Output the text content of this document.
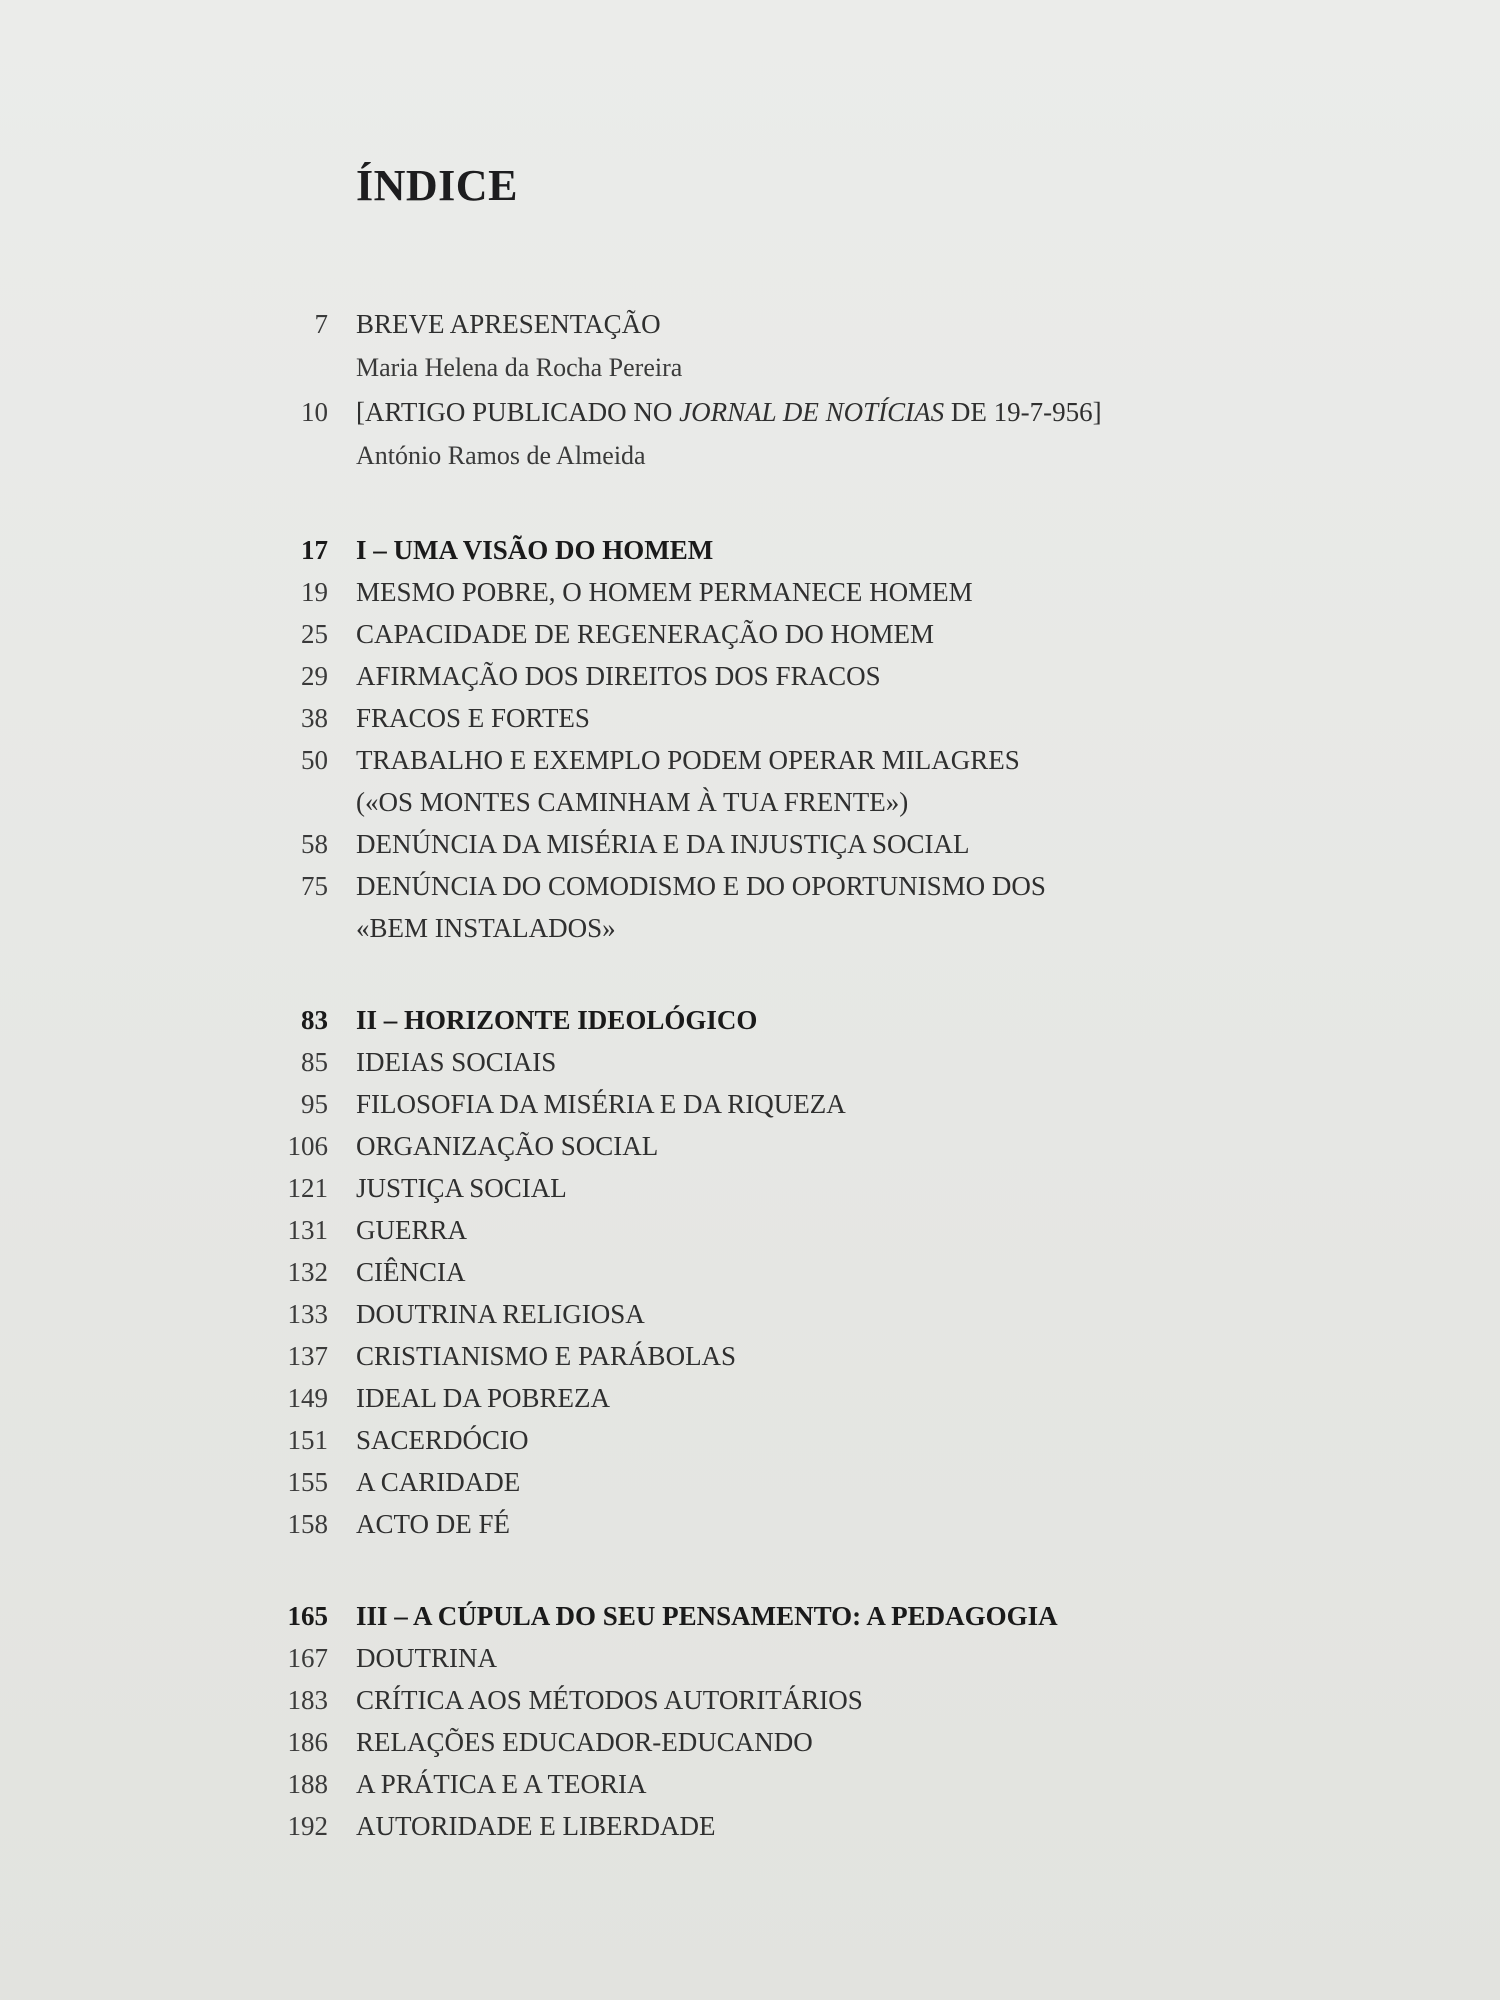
ÍNDICE
7 BREVE APRESENTAÇÃO
Maria Helena da Rocha Pereira
10 [ARTIGO PUBLICADO NO JORNAL DE NOTÍCIAS DE 19-7-956]
António Ramos de Almeida
17 I – UMA VISÃO DO HOMEM
19 MESMO POBRE, O HOMEM PERMANECE HOMEM
25 CAPACIDADE DE REGENERAÇÃO DO HOMEM
29 AFIRMAÇÃO DOS DIREITOS DOS FRACOS
38 FRACOS E FORTES
50 TRABALHO E EXEMPLO PODEM OPERAR MILAGRES
(«OS MONTES CAMINHAM À TUA FRENTE»)
58 DENÚNCIA DA MISÉRIA E DA INJUSTIÇA SOCIAL
75 DENÚNCIA DO COMODISMO E DO OPORTUNISMO DOS
«BEM INSTALADOS»
83 II – HORIZONTE IDEOLÓGICO
85 IDEIAS SOCIAIS
95 FILOSOFIA DA MISÉRIA E DA RIQUEZA
106 ORGANIZAÇÃO SOCIAL
121 JUSTIÇA SOCIAL
131 GUERRA
132 CIÊNCIA
133 DOUTRINA RELIGIOSA
137 CRISTIANISMO E PARÁBOLAS
149 IDEAL DA POBREZA
151 SACERDÓCIO
155 A CARIDADE
158 ACTO DE FÉ
165 III – A CÚPULA DO SEU PENSAMENTO: A PEDAGOGIA
167 DOUTRINA
183 CRÍTICA AOS MÉTODOS AUTORITÁRIOS
186 RELAÇÕES EDUCADOR-EDUCANDO
188 A PRÁTICA E A TEORIA
192 AUTORIDADE E LIBERDADE
